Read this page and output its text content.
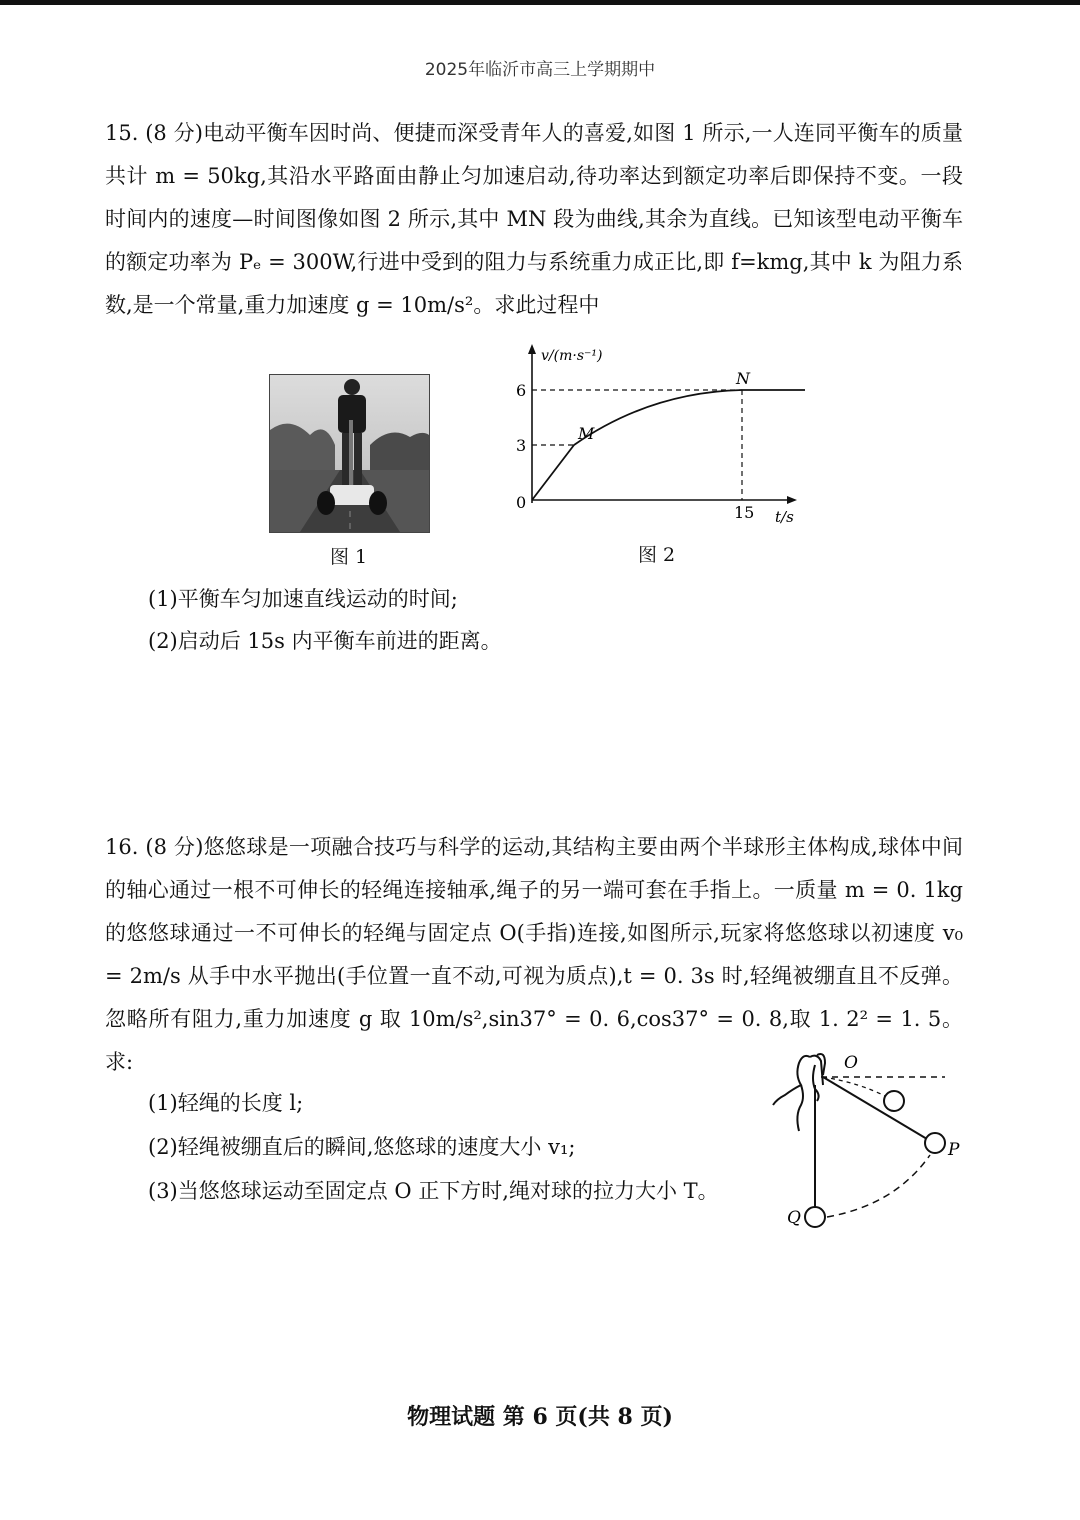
2025年临沂市高三上学期期中

15. (8 分)电动平衡车因时尚、便捷而深受青年人的喜爱,如图 1 所示,一人连同平衡车的质量共计 m = 50kg,其沿水平路面由静止匀加速启动,待功率达到额定功率后即保持不变。一段时间内的速度—时间图像如图 2 所示,其中 MN 段为曲线,其余为直线。已知该型电动平衡车的额定功率为 Pₑ = 300W,行进中受到的阻力与系统重力成正比,即 f=kmg,其中 k 为阻力系数,是一个常量,重力加速度 g = 10m/s²。求此过程中

图 1
v/(m·s⁻¹)
t/s
0
3
6
15
M
N
图 2

(1)平衡车匀加速直线运动的时间;

(2)启动后 15s 内平衡车前进的距离。

16. (8 分)悠悠球是一项融合技巧与科学的运动,其结构主要由两个半球形主体构成,球体中间的轴心通过一根不可伸长的轻绳连接轴承,绳子的另一端可套在手指上。一质量 m = 0. 1kg 的悠悠球通过一不可伸长的轻绳与固定点 O(手指)连接,如图所示,玩家将悠悠球以初速度 v₀ = 2m/s 从手中水平抛出(手位置一直不动,可视为质点),t = 0. 3s 时,轻绳被绷直且不反弹。忽略所有阻力,重力加速度 g 取 10m/s²,sin37° = 0. 6,cos37° = 0. 8,取 1. 2² = 1. 5。求:

(1)轻绳的长度 l;

(2)轻绳被绷直后的瞬间,悠悠球的速度大小 v₁;

(3)当悠悠球运动至固定点 O 正下方时,绳对球的拉力大小 T。

O
P
Q
物理试题 第 6 页(共 8 页)
